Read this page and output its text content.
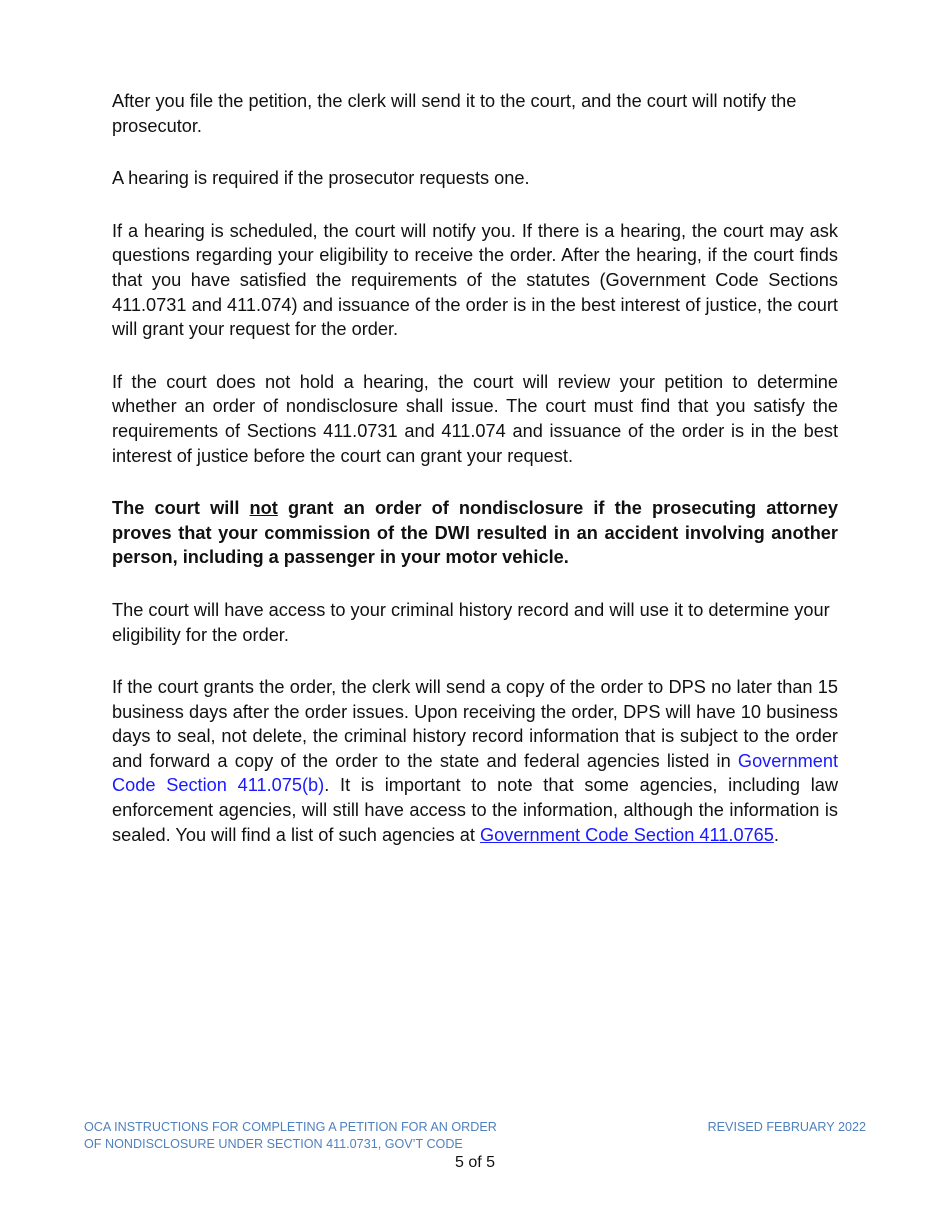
After you file the petition, the clerk will send it to the court, and the court will notify the prosecutor.

A hearing is required if the prosecutor requests one.

If a hearing is scheduled, the court will notify you. If there is a hearing, the court may ask questions regarding your eligibility to receive the order. After the hearing, if the court finds that you have satisfied the requirements of the statutes (Government Code Sections 411.0731 and 411.074) and issuance of the order is in the best interest of justice, the court will grant your request for the order.

If the court does not hold a hearing, the court will review your petition to determine whether an order of nondisclosure shall issue. The court must find that you satisfy the requirements of Sections 411.0731 and 411.074 and issuance of the order is in the best interest of justice before the court can grant your request.

The court will not grant an order of nondisclosure if the prosecuting attorney proves that your commission of the DWI resulted in an accident involving another person, including a passenger in your motor vehicle.

The court will have access to your criminal history record and will use it to determine your eligibility for the order.

If the court grants the order, the clerk will send a copy of the order to DPS no later than 15 business days after the order issues. Upon receiving the order, DPS will have 10 business days to seal, not delete, the criminal history record information that is subject to the order and forward a copy of the order to the state and federal agencies listed in Government Code Section 411.075(b). It is important to note that some agencies, including law enforcement agencies, will still have access to the information, although the information is sealed. You will find a list of such agencies at Government Code Section 411.0765.

OCA INSTRUCTIONS FOR COMPLETING A PETITION FOR AN ORDER
OF NONDISCLOSURE UNDER SECTION 411.0731, GOV’T CODE
REVISED FEBRUARY 2022
5 of 5
